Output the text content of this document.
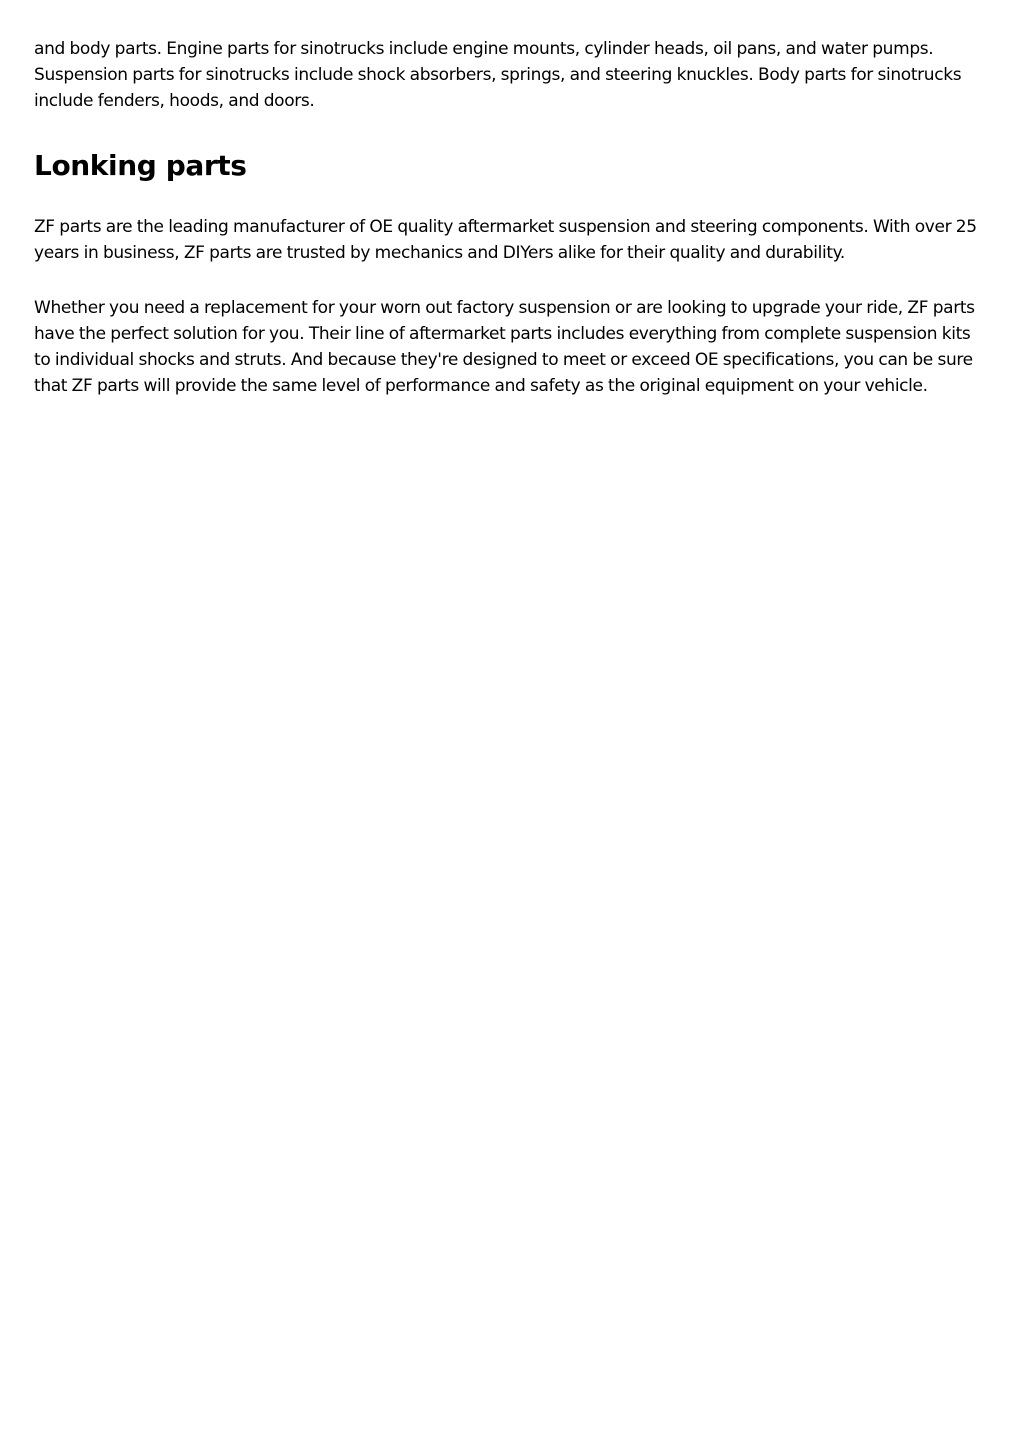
and body parts. Engine parts for sinotrucks include engine mounts, cylinder heads, oil pans, and water pumps. Suspension parts for sinotrucks include shock absorbers, springs, and steering knuckles. Body parts for sinotrucks include fenders, hoods, and doors.

Lonking parts

ZF parts are the leading manufacturer of OE quality aftermarket suspension and steering components. With over 25 years in business, ZF parts are trusted by mechanics and DIYers alike for their quality and durability.

Whether you need a replacement for your worn out factory suspension or are looking to upgrade your ride, ZF parts have the perfect solution for you. Their line of aftermarket parts includes everything from complete suspension kits to individual shocks and struts. And because they're designed to meet or exceed OE specifications, you can be sure that ZF parts will provide the same level of performance and safety as the original equipment on your vehicle.
